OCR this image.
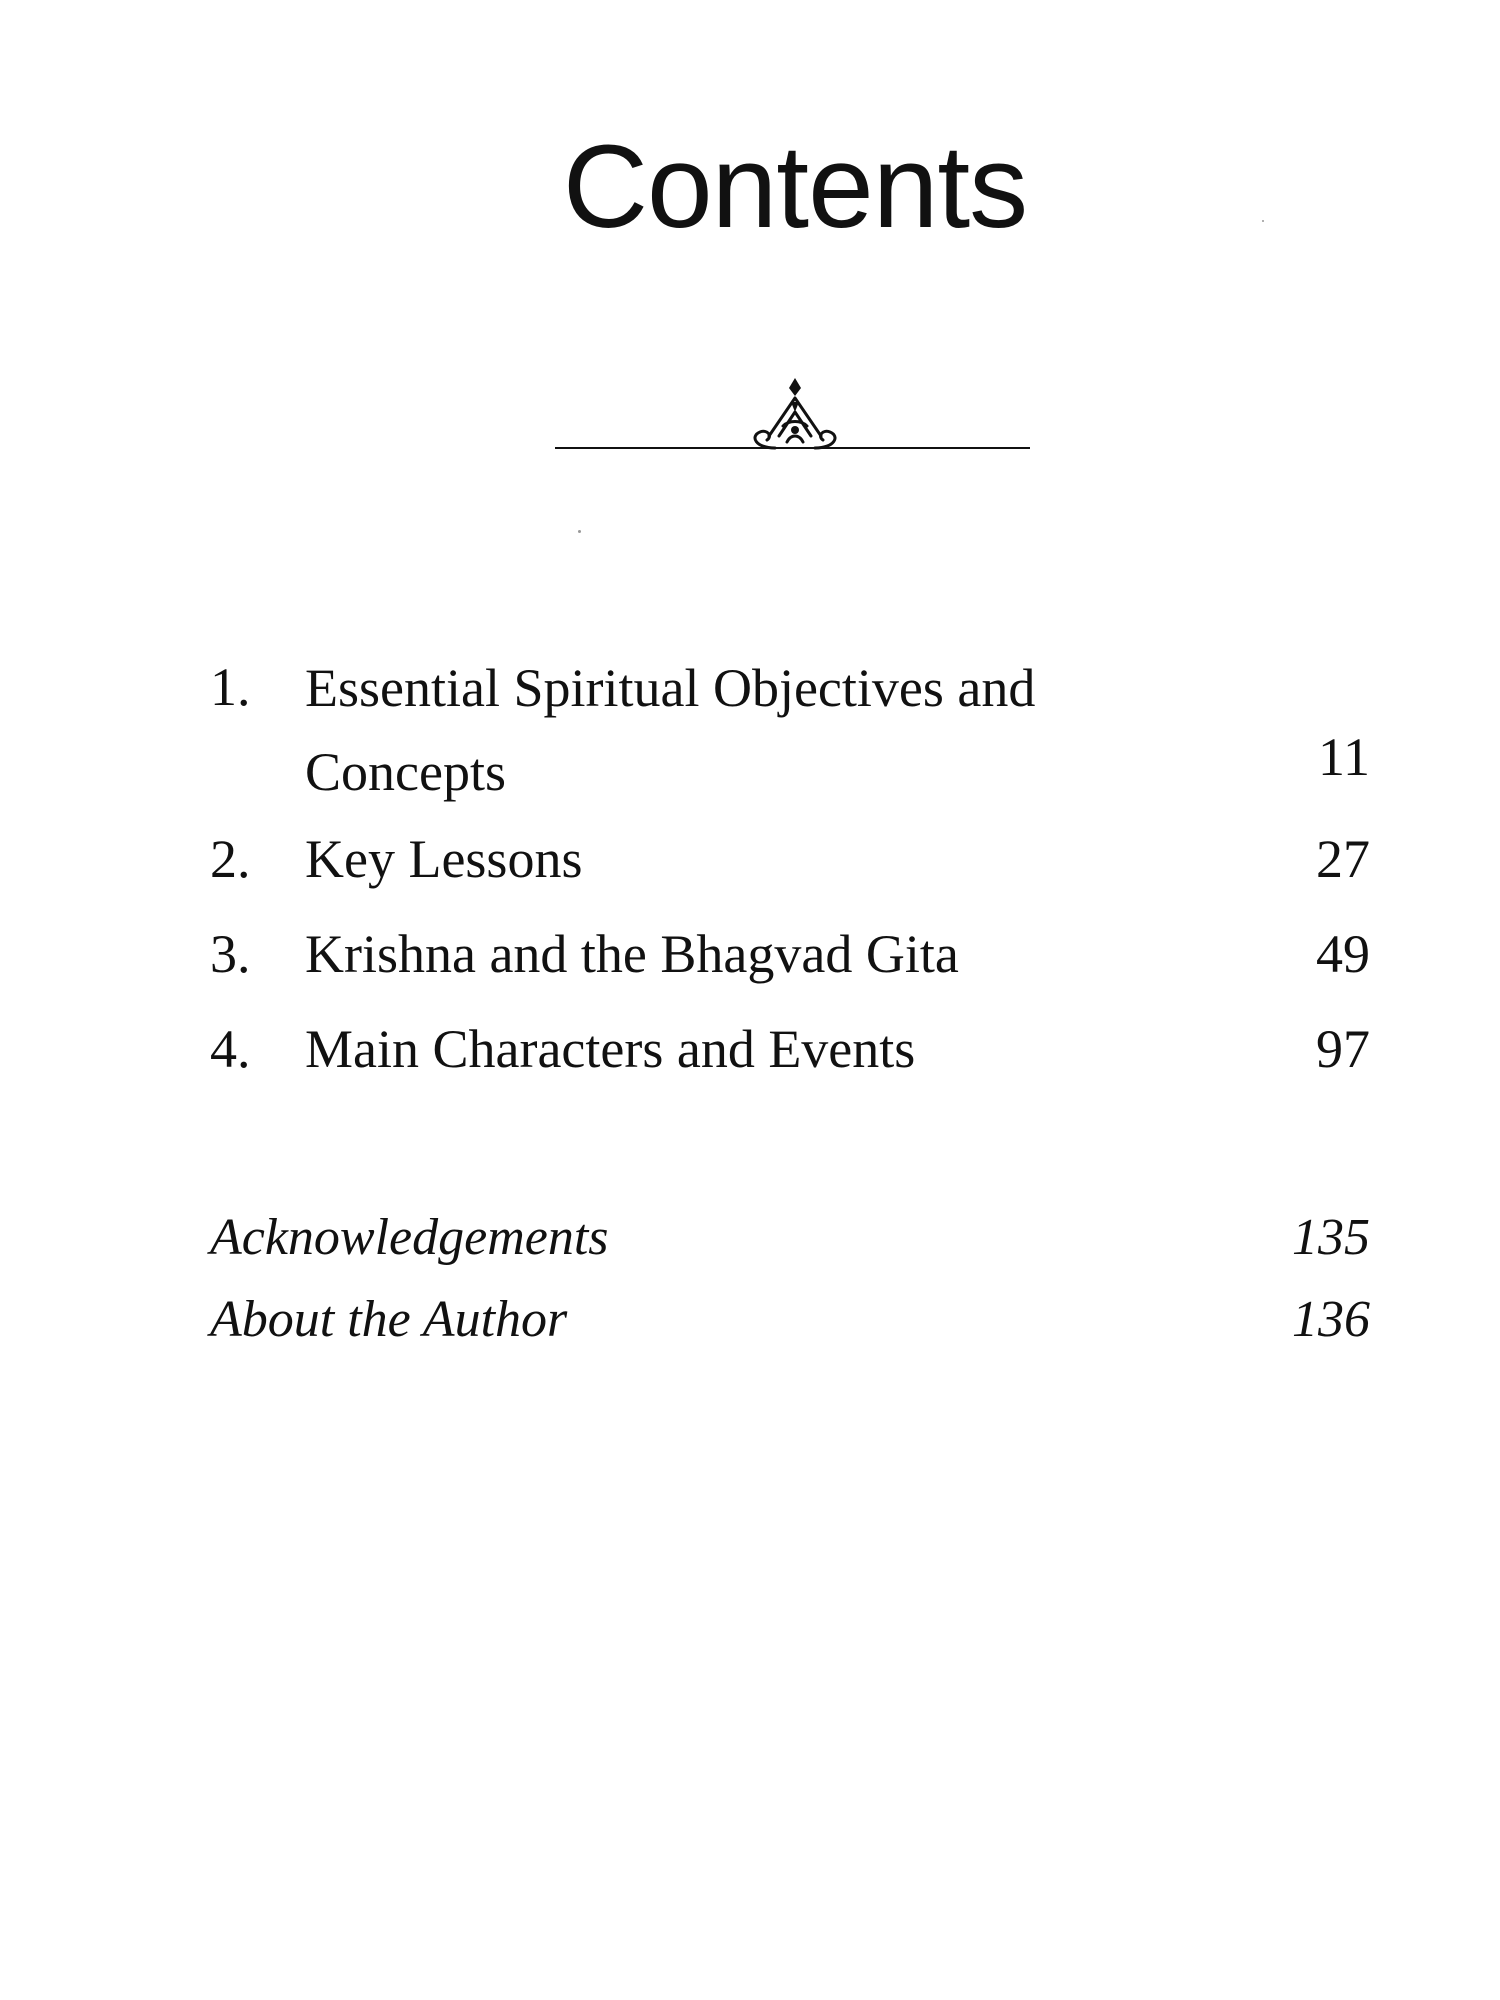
Contents
1.	Essential Spiritual Objectives and Concepts	11
2.	Key Lessons	27
3.	Krishna and the Bhagvad Gita	49
4.	Main Characters and Events	97
Acknowledgements	135
About the Author	136
